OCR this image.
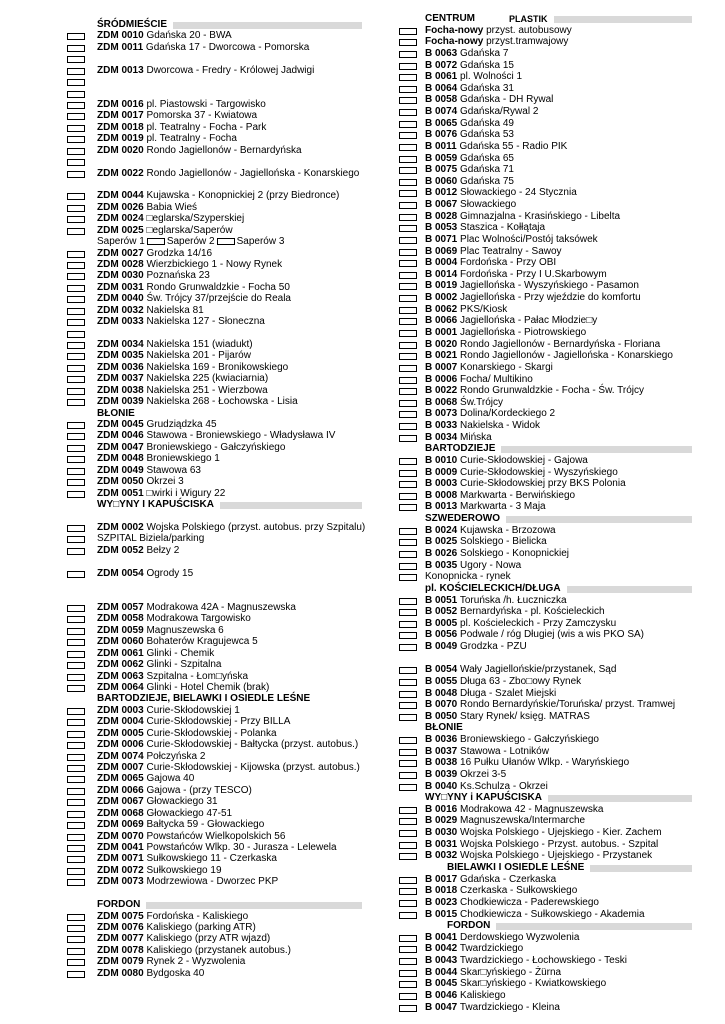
ŚRÓDMIEŚCIE
ZDM 0010 Gdańska 20 - BWA
ZDM 0011 Gdańska 17 - Dworcowa - Pomorska
ZDM 0013 Dworcowa - Fredry - Królowej Jadwigi
ZDM 0016 pl. Piastowski - Targowisko
ZDM 0017 Pomorska 37 - Kwiatowa
ZDM 0018 pl. Teatralny - Focha - Park
ZDM 0019 pl. Teatralny - Focha
ZDM 0020 Rondo Jagiellonów - Bernardyńska
ZDM 0022 Rondo Jagiellonów - Jagiellońska - Konarskiego
ZDM 0044 Kujawska - Konopnickiej 2 (przy Biedronce)
ZDM 0026 Babia Wieś
ZDM 0024 □eglarska/Szyperskiej
ZDM 0025 □eglarska/Saperów
Saperów 1 Saperów 2 Saperów 3
ZDM 0027 Grodzka 14/16
ZDM 0028 Wierzbickiego 1 - Nowy Rynek
ZDM 0030 Poznańska 23
ZDM 0031 Rondo Grunwaldzkie - Focha 50
ZDM 0040 Św. Trójcy 37/przejście do Reala
ZDM 0032 Nakielska 81
ZDM 0033 Nakielska 127 - Słoneczna
ZDM 0034 Nakielska 151 (wiadukt)
ZDM 0035 Nakielska 201 - Pijarów
ZDM 0036 Nakielska 169 - Bronikowskiego
ZDM 0037 Nakielska 225 (kwiaciarnia)
ZDM 0038 Nakielska 251 - Wierzbowa
ZDM 0039 Nakielska 268 - Łochowska - Lisia
BŁONIE
ZDM 0045 Grudziądzka 45
ZDM 0046 Stawowa - Broniewskiego - Władysława IV
ZDM 0047 Broniewskiego - Gałczyńskiego
ZDM 0048 Broniewskiego 1
ZDM 0049 Stawowa 63
ZDM 0050 Okrzei 3
ZDM 0051 □wirki i Wigury 22
WY□YNY I KAPUŚCISKA
ZDM 0002 Wojska Polskiego (przyst. autobus. przy Szpitalu)
SZPITAL Biziela/parking
ZDM 0052 Bełzy 2
ZDM 0054 Ogrody 15
ZDM 0057 Modrakowa 42A - Magnuszewska
ZDM 0058 Modrakowa Targowisko
ZDM 0059 Magnuszewska 6
ZDM 0060 Bohaterów Kragujewca 5
ZDM 0061 Glinki - Chemik
ZDM 0062 Glinki - Szpitalna
ZDM 0063 Szpitalna - Łom□yńska
ZDM 0064 Glinki - Hotel Chemik (brak)
BARTODZIEJE, BIELAWKI I OSIEDLE LEŚNE
ZDM 0003 Curie-Skłodowskiej 1
ZDM 0004 Curie-Skłodowskiej - Przy BILLA
ZDM 0005 Curie-Skłodowskiej - Polanka
ZDM 0006 Curie-Skłodowskiej - Bałtycka (przyst. autobus.)
ZDM 0074 Połczyńska 2
ZDM 0007 Curie-Skłodowskiej - Kijowska (przyst. autobus.)
ZDM 0065 Gajowa 40
ZDM 0066 Gajowa - (przy TESCO)
ZDM 0067 Głowackiego 31
ZDM 0068 Głowackiego 47-51
ZDM 0069 Bałtycka 59 - Głowackiego
ZDM 0070 Powstańców Wielkopolskich 56
ZDM 0041 Powstańców Wlkp. 30 - Jurasza - Lelewela
ZDM 0071 Sułkowskiego 11 - Czerkaska
ZDM 0072 Sułkowskiego 19
ZDM 0073 Modrzewiowa - Dworzec PKP
FORDON
ZDM 0075 Fordońska - Kaliskiego
ZDM 0076 Kaliskiego (parking ATR)
ZDM 0077 Kaliskiego (przy ATR wjazd)
ZDM 0078 Kaliskiego (przystanek autobus.)
ZDM 0079 Rynek 2 - Wyzwolenia
ZDM 0080 Bydgoska 40
CENTRUM	PLASTIK
Focha-nowy przyst. autobusowy
Focha-nowy przyst.tramwajowy
B 0063 Gdańska 7
B 0072 Gdańska 15
B 0061 pl. Wolności 1
B 0064 Gdańska 31
B 0058 Gdańska - DH Rywal
B 0074 Gdańska/Rywal 2
B 0065 Gdańska 49
B 0076 Gdańska 53
B 0011 Gdańska 55 - Radio PIK
B 0059 Gdańska 65
B 0075 Gdańska 71
B 0060 Gdańska 75
B 0012 Słowackiego - 24 Stycznia
B 0067 Słowackiego
B 0028 Gimnazjalna - Krasińskiego - Libelta
B 0053 Staszica - Kołłątaja
B 0071 Plac Wolności/Postój taksówek
B 0069 Plac Teatralny - Sawoy
B 0004 Fordońska - Przy OBI
B 0014 Fordońska - Przy I U.Skarbowym
B 0019 Jagiellońska - Wyszyńskiego - Pasamon
B 0002 Jagiellońska - Przy wjeździe do komfortu
B 0062 PKS/Kiosk
B 0066 Jagiellońska - Pałac Młodzie□y
B 0001 Jagiellońska - Piotrowskiego
B 0020 Rondo Jagiellonów - Bernardyńska - Floriana
B 0021 Rondo Jagiellonów - Jagiellońska - Konarskiego
B 0007 Konarskiego - Skargi
B 0006 Focha/ Multikino
B 0022 Rondo Grunwaldzkie - Focha - Św. Trójcy
B 0068 Św.Trójcy
B 0073 Dolina/Kordeckiego 2
B 0033 Nakielska - Widok
B 0034 Mińska
BARTODZIEJE
B 0010 Curie-Skłodowskiej - Gajowa
B 0009 Curie-Skłodowskiej - Wyszyńskiego
B 0003 Curie-Skłodowskiej przy BKS Polonia
B 0008 Markwarta - Berwińskiego
B 0013 Markwarta - 3 Maja
SZWEDEROWO
B 0024 Kujawska - Brzozowa
B 0025 Solskiego - Bielicka
B 0026 Solskiego - Konopnickiej
B 0035 Ugory - Nowa
Konopnicka - rynek
pl. KOŚCIELECKICH/DŁUGA
B 0051 Toruńska /h. Łuczniczka
B 0052 Bernardyńska - pl. Kościeleckich
B 0005 pl. Kościeleckich - Przy Zamczysku
B 0056 Podwale / róg Długiej (wis a wis PKO SA)
B 0049 Grodzka - PZU
B 0054 Wały Jagiellońskie/przystanek, Sąd
B 0055 Długa 63 - Zbo□owy Rynek
B 0048 Długa - Szalet Miejski
B 0070 Rondo Bernardyńskie/Toruńska/ przyst. Tramwej
B 0050 Stary Rynek/ księg. MATRAS
BŁONIE
B 0036 Broniewskiego - Gałczyńskiego
B 0037 Stawowa - Lotników
B 0038 16 Pułku Ułanów Wlkp. - Waryńskiego
B 0039 Okrzei 3-5
B 0040 Ks.Schulza - Okrzei
WY□YNY i KAPUŚCISKA
B 0016 Modrakowa 42 - Magnuszewska
B 0029 Magnuszewska/Intermarche
B 0030 Wojska Polskiego - Ujejskiego - Kier. Zachem
B 0031 Wojska Polskiego - Przyst. autobus. - Szpital
B 0032 Wojska Polskiego - Ujejskiego - Przystanek
BIELAWKI I OSIEDLE LEŚNE
B 0017 Gdańska - Czerkaska
B 0018 Czerkaska - Sułkowskiego
B 0023 Chodkiewicza - Paderewskiego
B 0015 Chodkiewicza - Sułkowskiego - Akademia
FORDON
B 0041 Derdowskiego Wyzwolenia
B 0042 Twardzickiego
B 0043 Twardzickiego - Łochowskiego - Teski
B 0044 Skar□yńskiego - Żürna
B 0045 Skar□yńskiego - Kwiatkowskiego
B 0046 Kaliskiego
B 0047 Twardzickiego - Kleina
